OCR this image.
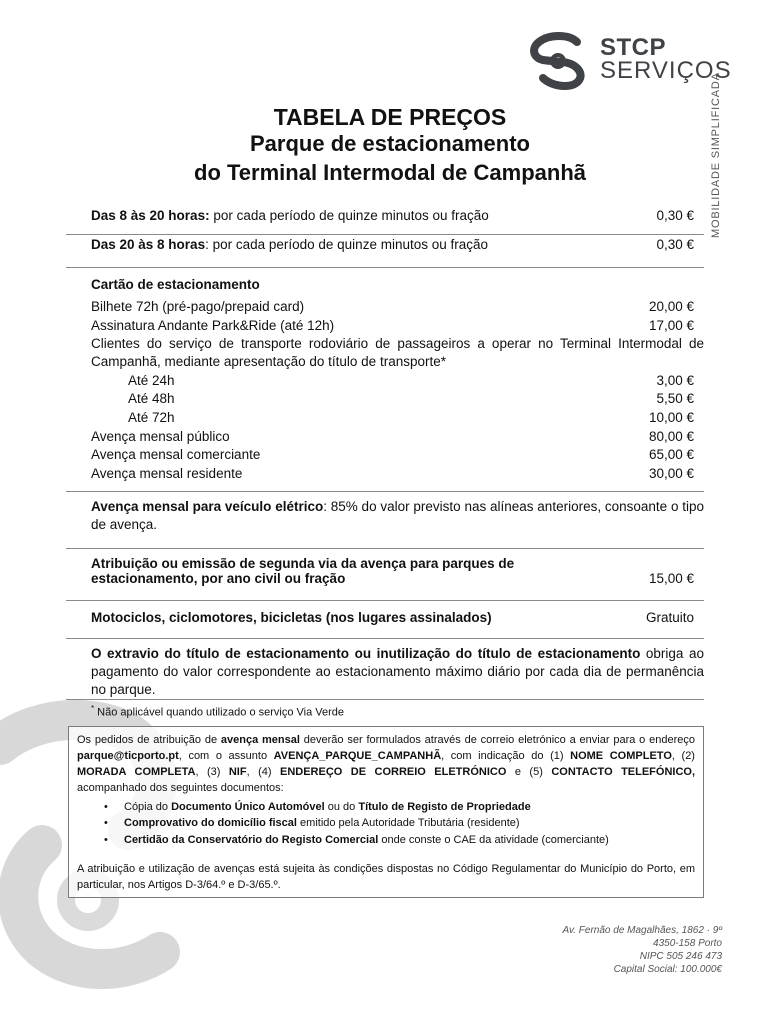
STCP
SERVIÇOS
MOBILIDADE SIMPLIFICADA
TABELA DE PREÇOS
Parque de estacionamento
do Terminal Intermodal de Campanhã
Das 8 às 20 horas: por cada período de quinze minutos ou fração	0,30 €
Das 20 às 8 horas: por cada período de quinze minutos ou fração	0,30 €
Cartão de estacionamento
Bilhete 72h (pré-pago/prepaid card)	20,00 €
Assinatura Andante Park&Ride (até 12h)	17,00 €
Clientes do serviço de transporte rodoviário de passageiros a operar no Terminal Intermodal de Campanhã, mediante apresentação do título de transporte*
Até 24h	3,00 €
Até 48h	5,50 €
Até 72h	10,00 €
Avença mensal público	80,00 €
Avença mensal comerciante	65,00 €
Avença mensal residente	30,00 €
Avença mensal para veículo elétrico: 85% do valor previsto nas alíneas anteriores, consoante o tipo de avença.
Atribuição ou emissão de segunda via da avença para parques de
estacionamento, por ano civil ou fração	15,00 €
Motociclos, ciclomotores, bicicletas (nos lugares assinalados)	Gratuito
O extravio do título de estacionamento ou inutilização do título de estacionamento obriga ao pagamento do valor correspondente ao estacionamento máximo diário por cada dia de permanência no parque.
* Não aplicável quando utilizado o serviço Via Verde
Os pedidos de atribuição de avença mensal deverão ser formulados através de correio eletrónico a enviar para o endereço parque@ticporto.pt, com o assunto AVENÇA_PARQUE_CAMPANHÃ, com indicação do (1) NOME COMPLETO, (2) MORADA COMPLETA, (3) NIF, (4) ENDEREÇO DE CORREIO ELETRÓNICO e (5) CONTACTO TELEFÓNICO, acompanhado dos seguintes documentos:
• Cópia do Documento Único Automóvel ou do Título de Registo de Propriedade
• Comprovativo do domicílio fiscal emitido pela Autoridade Tributária (residente)
• Certidão da Conservatório do Registo Comercial onde conste o CAE da atividade (comerciante)
A atribuição e utilização de avenças está sujeita às condições dispostas no Código Regulamentar do Município do Porto, em particular, nos Artigos D-3/64.º e D-3/65.º.
Av. Fernão de Magalhães, 1862 · 9º
4350-158 Porto
NIPC 505 246 473
Capital Social: 100.000€
